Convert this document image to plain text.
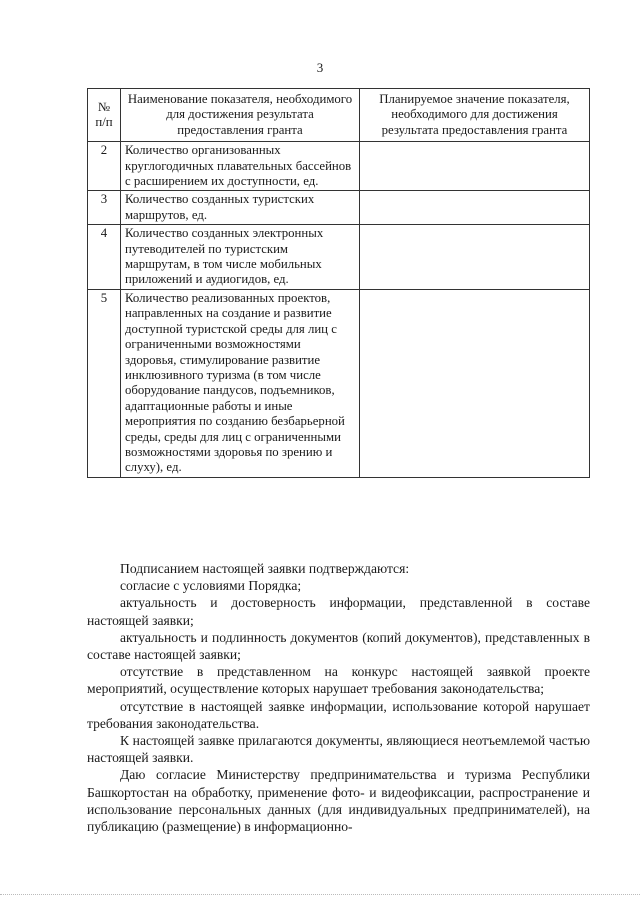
3
№ п/п	Наименование показателя, необходимого для достижения результата предоставления гранта	Планируемое значение показателя, необходимого для достижения результата предоставления гранта
2	Количество организованных круглогодичных плавательных бассейнов с расширением их доступности, ед.	
3	Количество созданных туристских маршрутов, ед.	
4	Количество созданных электронных путеводителей по туристским маршрутам, в том числе мобильных приложений и аудиогидов, ед.	
5	Количество реализованных проектов, направленных на создание и развитие доступной туристской среды для лиц с ограниченными возможностями здоровья, стимулирование развитие инклюзивного туризма (в том числе оборудование пандусов, подъемников, адаптационные работы и иные мероприятия по созданию безбарьерной среды, среды для лиц с ограниченными возможностями здоровья по зрению и слуху), ед.	

Подписанием настоящей заявки подтверждаются:

согласие с условиями Порядка;

актуальность и достоверность информации, представленной в составе настоящей заявки;

актуальность и подлинность документов (копий документов), представленных в составе настоящей заявки;

отсутствие в представленном на конкурс настоящей заявкой проекте мероприятий, осуществление которых нарушает требования законодательства;

отсутствие в настоящей заявке информации, использование которой нарушает требования законодательства.

К настоящей заявке прилагаются документы, являющиеся неотъемлемой частью настоящей заявки.

Даю согласие Министерству предпринимательства и туризма Республики Башкортостан на обработку, применение фото- и видеофиксации, распространение и использование персональных данных (для индивидуальных предпринимателей), на публикацию (размещение) в информационно-
